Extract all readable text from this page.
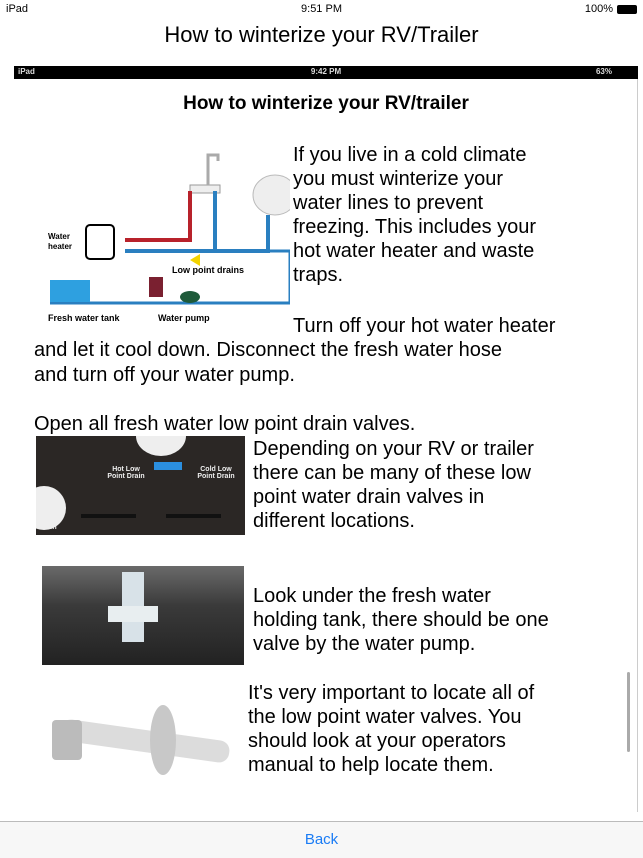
iPad	9:51 PM	100%
How to winterize your RV/Trailer
iPad	9:42 PM	63%
How to winterize your RV/trailer
Water
heater
Low point drains
Fresh water tank	Water pump
If you live in a cold climate
you must winterize your
water lines to prevent
freezing. This includes your
hot water heater and waste
traps.
Turn off your hot water heater
and let it cool down. Disconnect the fresh water hose
and turn off your water pump.
Open all fresh water low point drain valves.
Hot Low Point Drain
Cold Low Point Drain
Flush
Depending on your RV or trailer
there can be many of these low
point water drain valves in
different locations.
Look under the fresh water
holding tank, there should be one
valve by the water pump.
It's very important to locate all of
the low point water valves. You
should look at your operators
manual to help locate them.
Back
